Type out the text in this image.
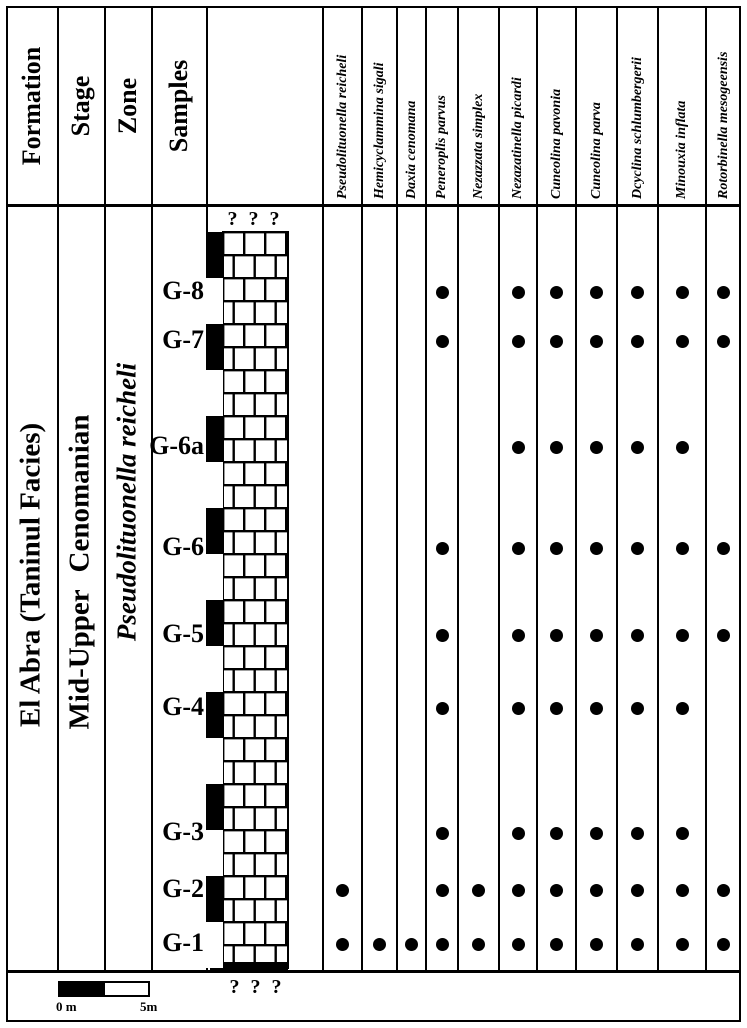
Formation Stage Zone Samples
El Abra (Taninul Facies) Mid-Upper Cenomanian Pseudolituonella reicheli
? ? ?
? ? ?
0 m	5m
Pseudolituonella reicheli Hemicyclammina sigali Daxia cenomana Peneroplis parvus Nezazzata simplex Nezazatinella picardi Cuneolina pavonia Cuneolina parva Dcyclina schlumbergerii Minouxia inflata Rotorbinella mesogeensis
G-8
G-7
G-6a
G-6
G-5
G-4
G-3
G-2
G-1
